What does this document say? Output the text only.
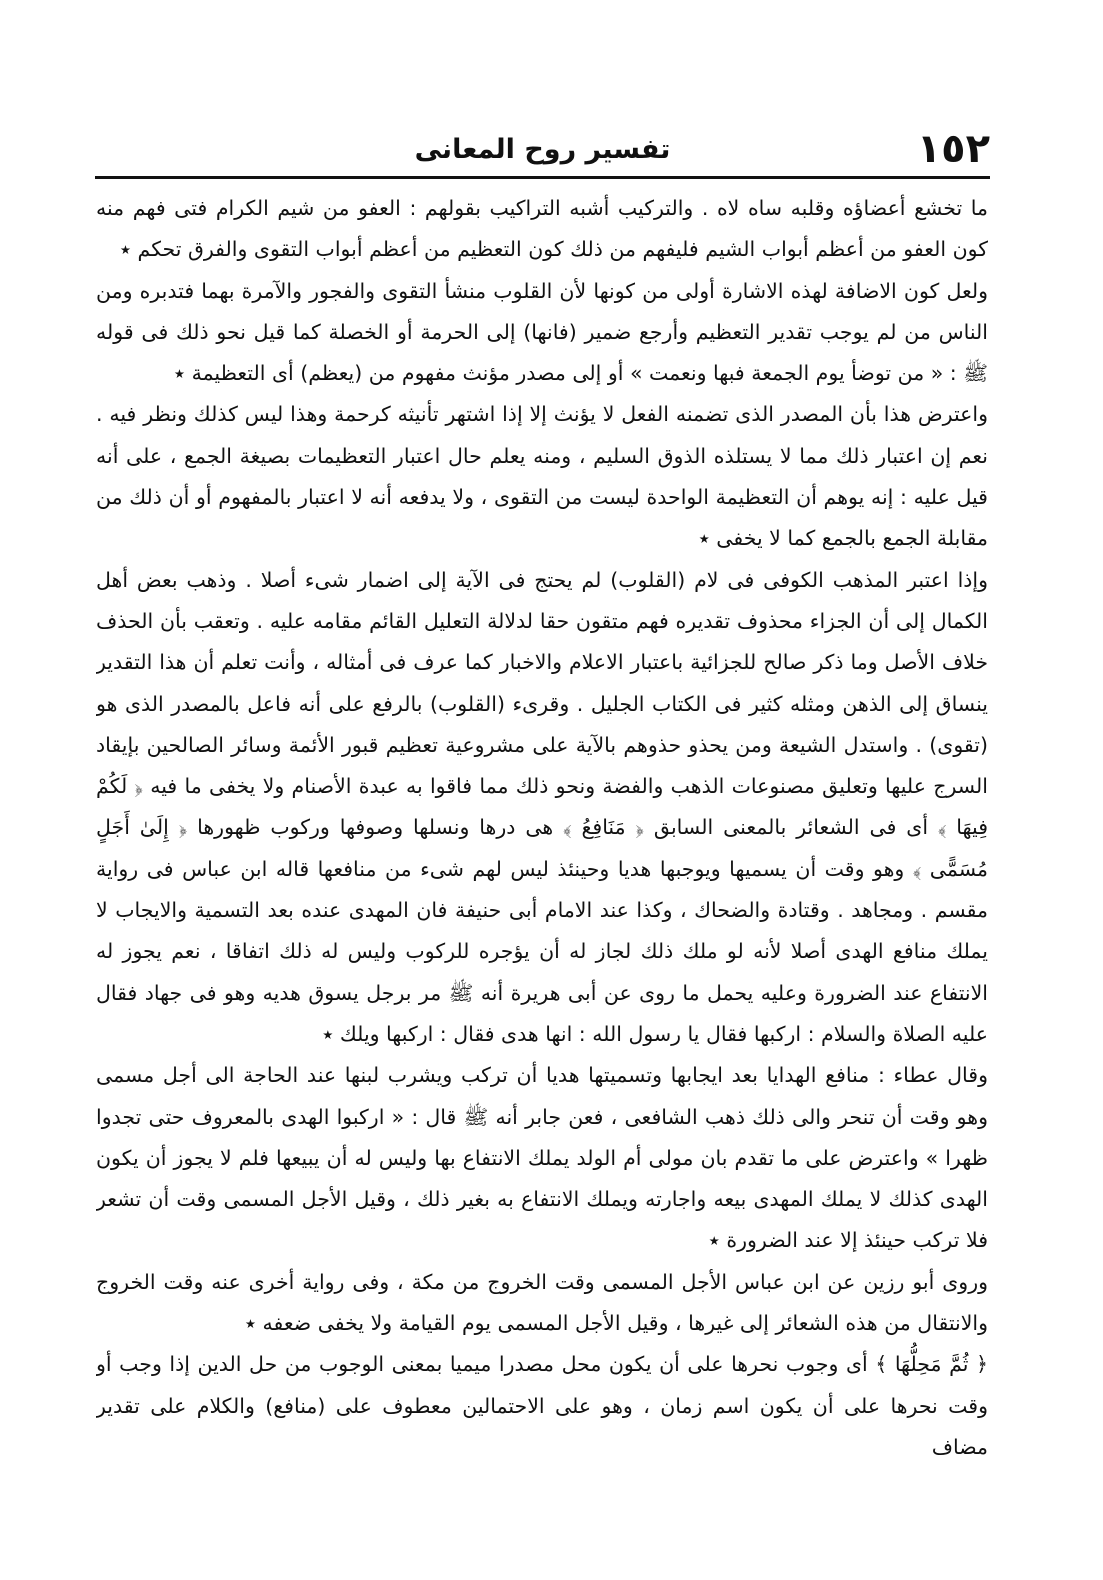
١٥٢
تفسير روح المعانى

ما تخشع أعضاؤه وقلبه ساه لاه . والتركيب أشبه التراكيب بقولهم : العفو من شيم الكرام فتى فهم منه كون العفو من أعظم أبواب الشيم فليفهم من ذلك كون التعظيم من أعظم أبواب التقوى والفرق تحكم ٭

ولعل كون الاضافة لهذه الاشارة أولى من كونها لأن القلوب منشأ التقوى والفجور والآمرة بهما فتدبره ومن الناس من لم يوجب تقدير التعظيم وأرجع ضمير (فانها) إلى الحرمة أو الخصلة كما قيل نحو ذلك فى قوله ﷺ : « من توضأ يوم الجمعة فبها ونعمت » أو إلى مصدر مؤنث مفهوم من (يعظم) أى التعظيمة ٭

واعترض هذا بأن المصدر الذى تضمنه الفعل لا يؤنث إلا إذا اشتهر تأنيثه كرحمة وهذا ليس كذلك ونظر فيه . نعم إن اعتبار ذلك مما لا يستلذه الذوق السليم ، ومنه يعلم حال اعتبار التعظيمات بصيغة الجمع ، على أنه قيل عليه : إنه يوهم أن التعظيمة الواحدة ليست من التقوى ، ولا يدفعه أنه لا اعتبار بالمفهوم أو أن ذلك من مقابلة الجمع بالجمع كما لا يخفى ٭

وإذا اعتبر المذهب الكوفى فى لام (القلوب) لم يحتج فى الآية إلى اضمار شىء أصلا . وذهب بعض أهل الكمال إلى أن الجزاء محذوف تقديره فهم متقون حقا لدلالة التعليل القائم مقامه عليه . وتعقب بأن الحذف خلاف الأصل وما ذكر صالح للجزائية باعتبار الاعلام والاخبار كما عرف فى أمثاله ، وأنت تعلم أن هذا التقدير ينساق إلى الذهن ومثله كثير فى الكتاب الجليل . وقرىء (القلوب) بالرفع على أنه فاعل بالمصدر الذى هو (تقوى) . واستدل الشيعة ومن يحذو حذوهم بالآية على مشروعية تعظيم قبور الأئمة وسائر الصالحين بإيقاد السرج عليها وتعليق مصنوعات الذهب والفضة ونحو ذلك مما فاقوا به عبدة الأصنام ولا يخفى ما فيه ﴿ لَكُمْ فِيهَا ﴾ أى فى الشعائر بالمعنى السابق ﴿ مَنَافِعُ ﴾ هى درها ونسلها وصوفها وركوب ظهورها ﴿ إِلَىٰ أَجَلٍ مُسَمًّى ﴾ وهو وقت أن يسميها ويوجبها هديا وحينئذ ليس لهم شىء من منافعها قاله ابن عباس فى رواية مقسم . ومجاهد . وقتادة والضحاك ، وكذا عند الامام أبى حنيفة فان المهدى عنده بعد التسمية والايجاب لا يملك منافع الهدى أصلا لأنه لو ملك ذلك لجاز له أن يؤجره للركوب وليس له ذلك اتفاقا ، نعم يجوز له الانتفاع عند الضرورة وعليه يحمل ما روى عن أبى هريرة أنه ﷺ مر برجل يسوق هديه وهو فى جهاد فقال عليه الصلاة والسلام : اركبها فقال يا رسول الله : انها هدى فقال : اركبها ويلك ٭

وقال عطاء : منافع الهدايا بعد ايجابها وتسميتها هديا أن تركب ويشرب لبنها عند الحاجة الى أجل مسمى وهو وقت أن تنحر والى ذلك ذهب الشافعى ، فعن جابر أنه ﷺ قال : « اركبوا الهدى بالمعروف حتى تجدوا ظهرا » واعترض على ما تقدم بان مولى أم الولد يملك الانتفاع بها وليس له أن يبيعها فلم لا يجوز أن يكون الهدى كذلك لا يملك المهدى بيعه واجارته ويملك الانتفاع به بغير ذلك ، وقيل الأجل المسمى وقت أن تشعر فلا تركب حينئذ إلا عند الضرورة ٭

وروى أبو رزين عن ابن عباس الأجل المسمى وقت الخروج من مكة ، وفى رواية أخرى عنه وقت الخروج والانتقال من هذه الشعائر إلى غيرها ، وقيل الأجل المسمى يوم القيامة ولا يخفى ضعفه ٭

﴿ ثُمَّ مَحِلُّهَا ﴾ أى وجوب نحرها على أن يكون محل مصدرا ميميا بمعنى الوجوب من حل الدين إذا وجب أو وقت نحرها على أن يكون اسم زمان ، وهو على الاحتمالين معطوف على (منافع) والكلام على تقدير مضاف
